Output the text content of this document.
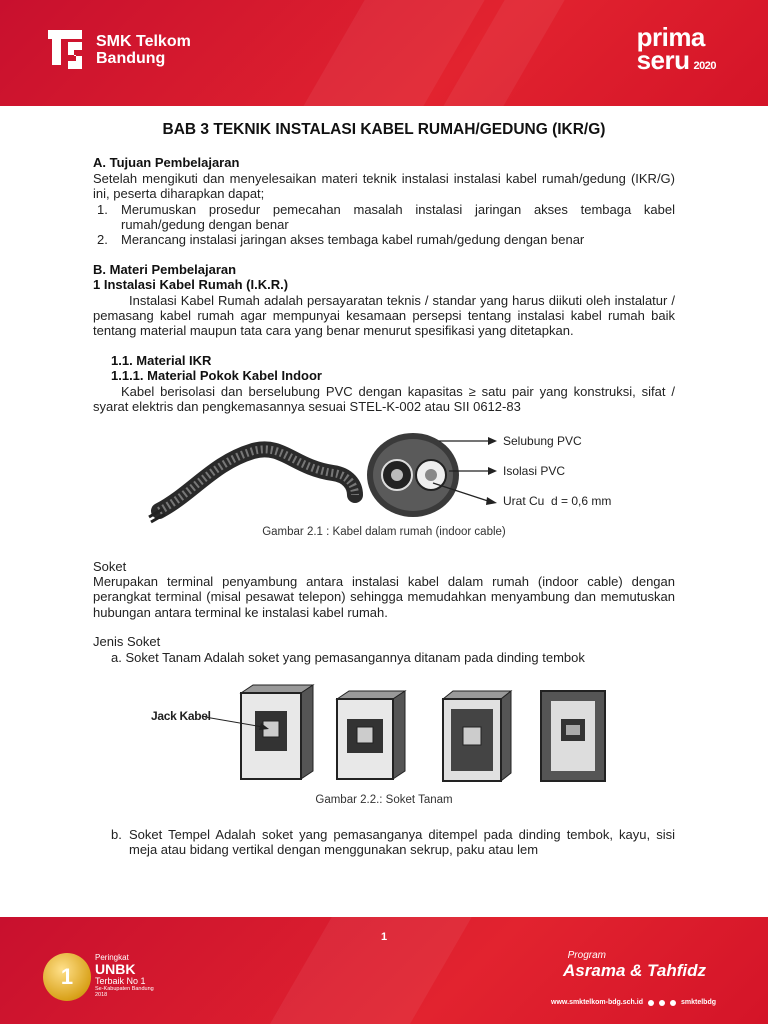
SMK Telkom
Bandung
prima
seru 2020
BAB 3 TEKNIK INSTALASI KABEL RUMAH/GEDUNG (IKR/G)
A. Tujuan Pembelajaran

Setelah mengikuti dan menyelesaikan materi teknik instalasi instalasi kabel rumah/gedung (IKR/G) ini, peserta diharapkan dapat;

1.	Merumuskan prosedur pemecahan masalah instalasi jaringan akses tembaga kabel rumah/gedung dengan benar
2.	Merancang instalasi jaringan akses tembaga kabel rumah/gedung dengan benar
B. Materi Pembelajaran
1 Instalasi Kabel Rumah (I.K.R.)

Instalasi Kabel Rumah adalah persayaratan teknis / standar yang harus diikuti oleh instalatur / pemasang kabel rumah agar mempunyai kesamaan persepsi tentang instalasi kabel rumah baik tentang material maupun tata cara yang benar menurut spesifikasi yang ditetapkan.

1.1. Material IKR
1.1.1. Material Pokok Kabel Indoor

Kabel berisolasi dan berselubung PVC dengan kapasitas ≥ satu pair yang konstruksi, sifat / syarat elektris dan pengkemasannya sesuai STEL-K-002 atau SII 0612-83

Selubung PVC
Isolasi PVC
Urat Cu  d = 0,6 mm
Gambar 2.1 : Kabel dalam rumah (indoor cable)
Soket

Merupakan terminal penyambung antara instalasi kabel dalam rumah (indoor cable) dengan perangkat terminal (misal pesawat telepon) sehingga memudahkan menyambung dan memutuskan hubungan antara terminal ke instalasi kabel rumah.

Jenis Soket
a. Soket Tanam Adalah soket yang pemasangannya ditanam pada dinding tembok
Jack Kabel
Gambar 2.2.: Soket Tanam
b. Soket Tempel Adalah soket yang pemasanganya ditempel pada dinding tembok, kayu, sisi meja atau bidang vertikal dengan menggunakan sekrup, paku atau lem
1
1
Peringkat
UNBK
Terbaik No 1
Se-Kabupaten Bandung
2018
Program
Asrama & Tahfidz
www.smktelkom-bdg.sch.id	smktelbdg
